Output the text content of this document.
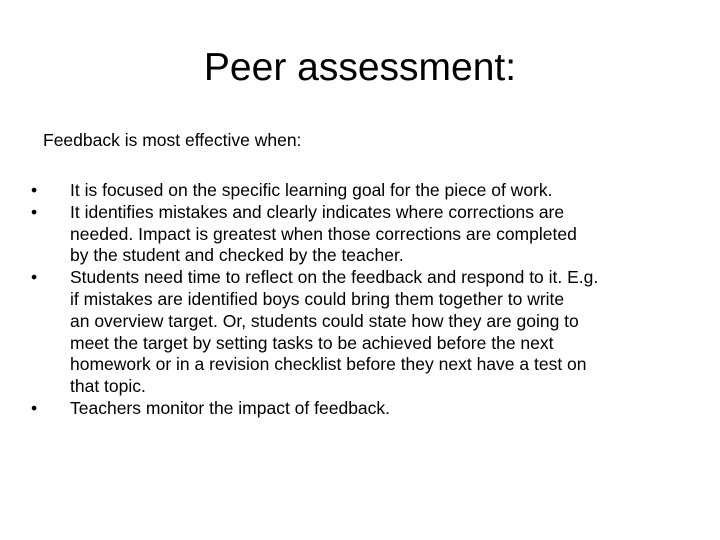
Peer assessment:

Feedback is most effective when:

•	It is focused on the specific learning goal for the piece of work.
•	It identifies mistakes and clearly indicates where corrections are
needed. Impact is greatest when those corrections are completed
by the student and checked by the teacher.
•	Students need time to reflect on the feedback and respond to it. E.g.
if mistakes are identified boys could bring them together to write
an overview target. Or, students could state how they are going to
meet the target by setting tasks to be achieved before the next
homework or in a revision checklist before they next have a test on
that topic.
•	Teachers monitor the impact of feedback.
